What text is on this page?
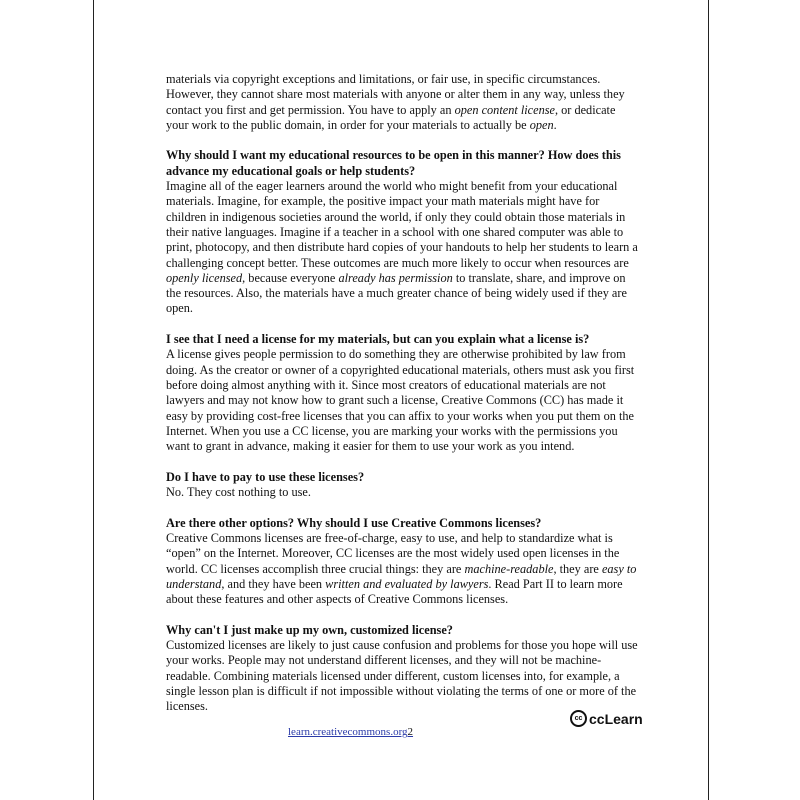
materials via copyright exceptions and limitations, or fair use, in specific circumstances. However, they cannot share most materials with anyone or alter them in any way, unless they contact you first and get permission. You have to apply an open content license, or dedicate your work to the public domain, in order for your materials to actually be open.

Why should I want my educational resources to be open in this manner? How does this advance my educational goals or help students?

Imagine all of the eager learners around the world who might benefit from your educational materials. Imagine, for example, the positive impact your math materials might have for children in indigenous societies around the world, if only they could obtain those materials in their native languages. Imagine if a teacher in a school with one shared computer was able to print, photocopy, and then distribute hard copies of your handouts to help her students to learn a challenging concept better. These outcomes are much more likely to occur when resources are openly licensed, because everyone already has permission to translate, share, and improve on the resources. Also, the materials have a much greater chance of being widely used if they are open.

I see that I need a license for my materials, but can you explain what a license is?

A license gives people permission to do something they are otherwise prohibited by law from doing. As the creator or owner of a copyrighted educational materials, others must ask you first before doing almost anything with it. Since most creators of educational materials are not lawyers and may not know how to grant such a license, Creative Commons (CC) has made it easy by providing cost-free licenses that you can affix to your works when you put them on the Internet. When you use a CC license, you are marking your works with the permissions you want to grant in advance, making it easier for them to use your work as you intend.

Do I have to pay to use these licenses?

No. They cost nothing to use.

Are there other options? Why should I use Creative Commons licenses?

Creative Commons licenses are free-of-charge, easy to use, and help to standardize what is “open” on the Internet. Moreover, CC licenses are the most widely used open licenses in the world. CC licenses accomplish three crucial things: they are machine-readable, they are easy to understand, and they have been written and evaluated by lawyers. Read Part II to learn more about these features and other aspects of Creative Commons licenses.

Why can't I just make up my own, customized license?

Customized licenses are likely to just cause confusion and problems for those you hope will use your works. People may not understand different licenses, and they will not be machine-readable. Combining materials licensed under different, custom licenses into, for example, a single lesson plan is difficult if not impossible without violating the terms of one or more of the licenses.

cc ccLearn
learn.creativecommons.org2
